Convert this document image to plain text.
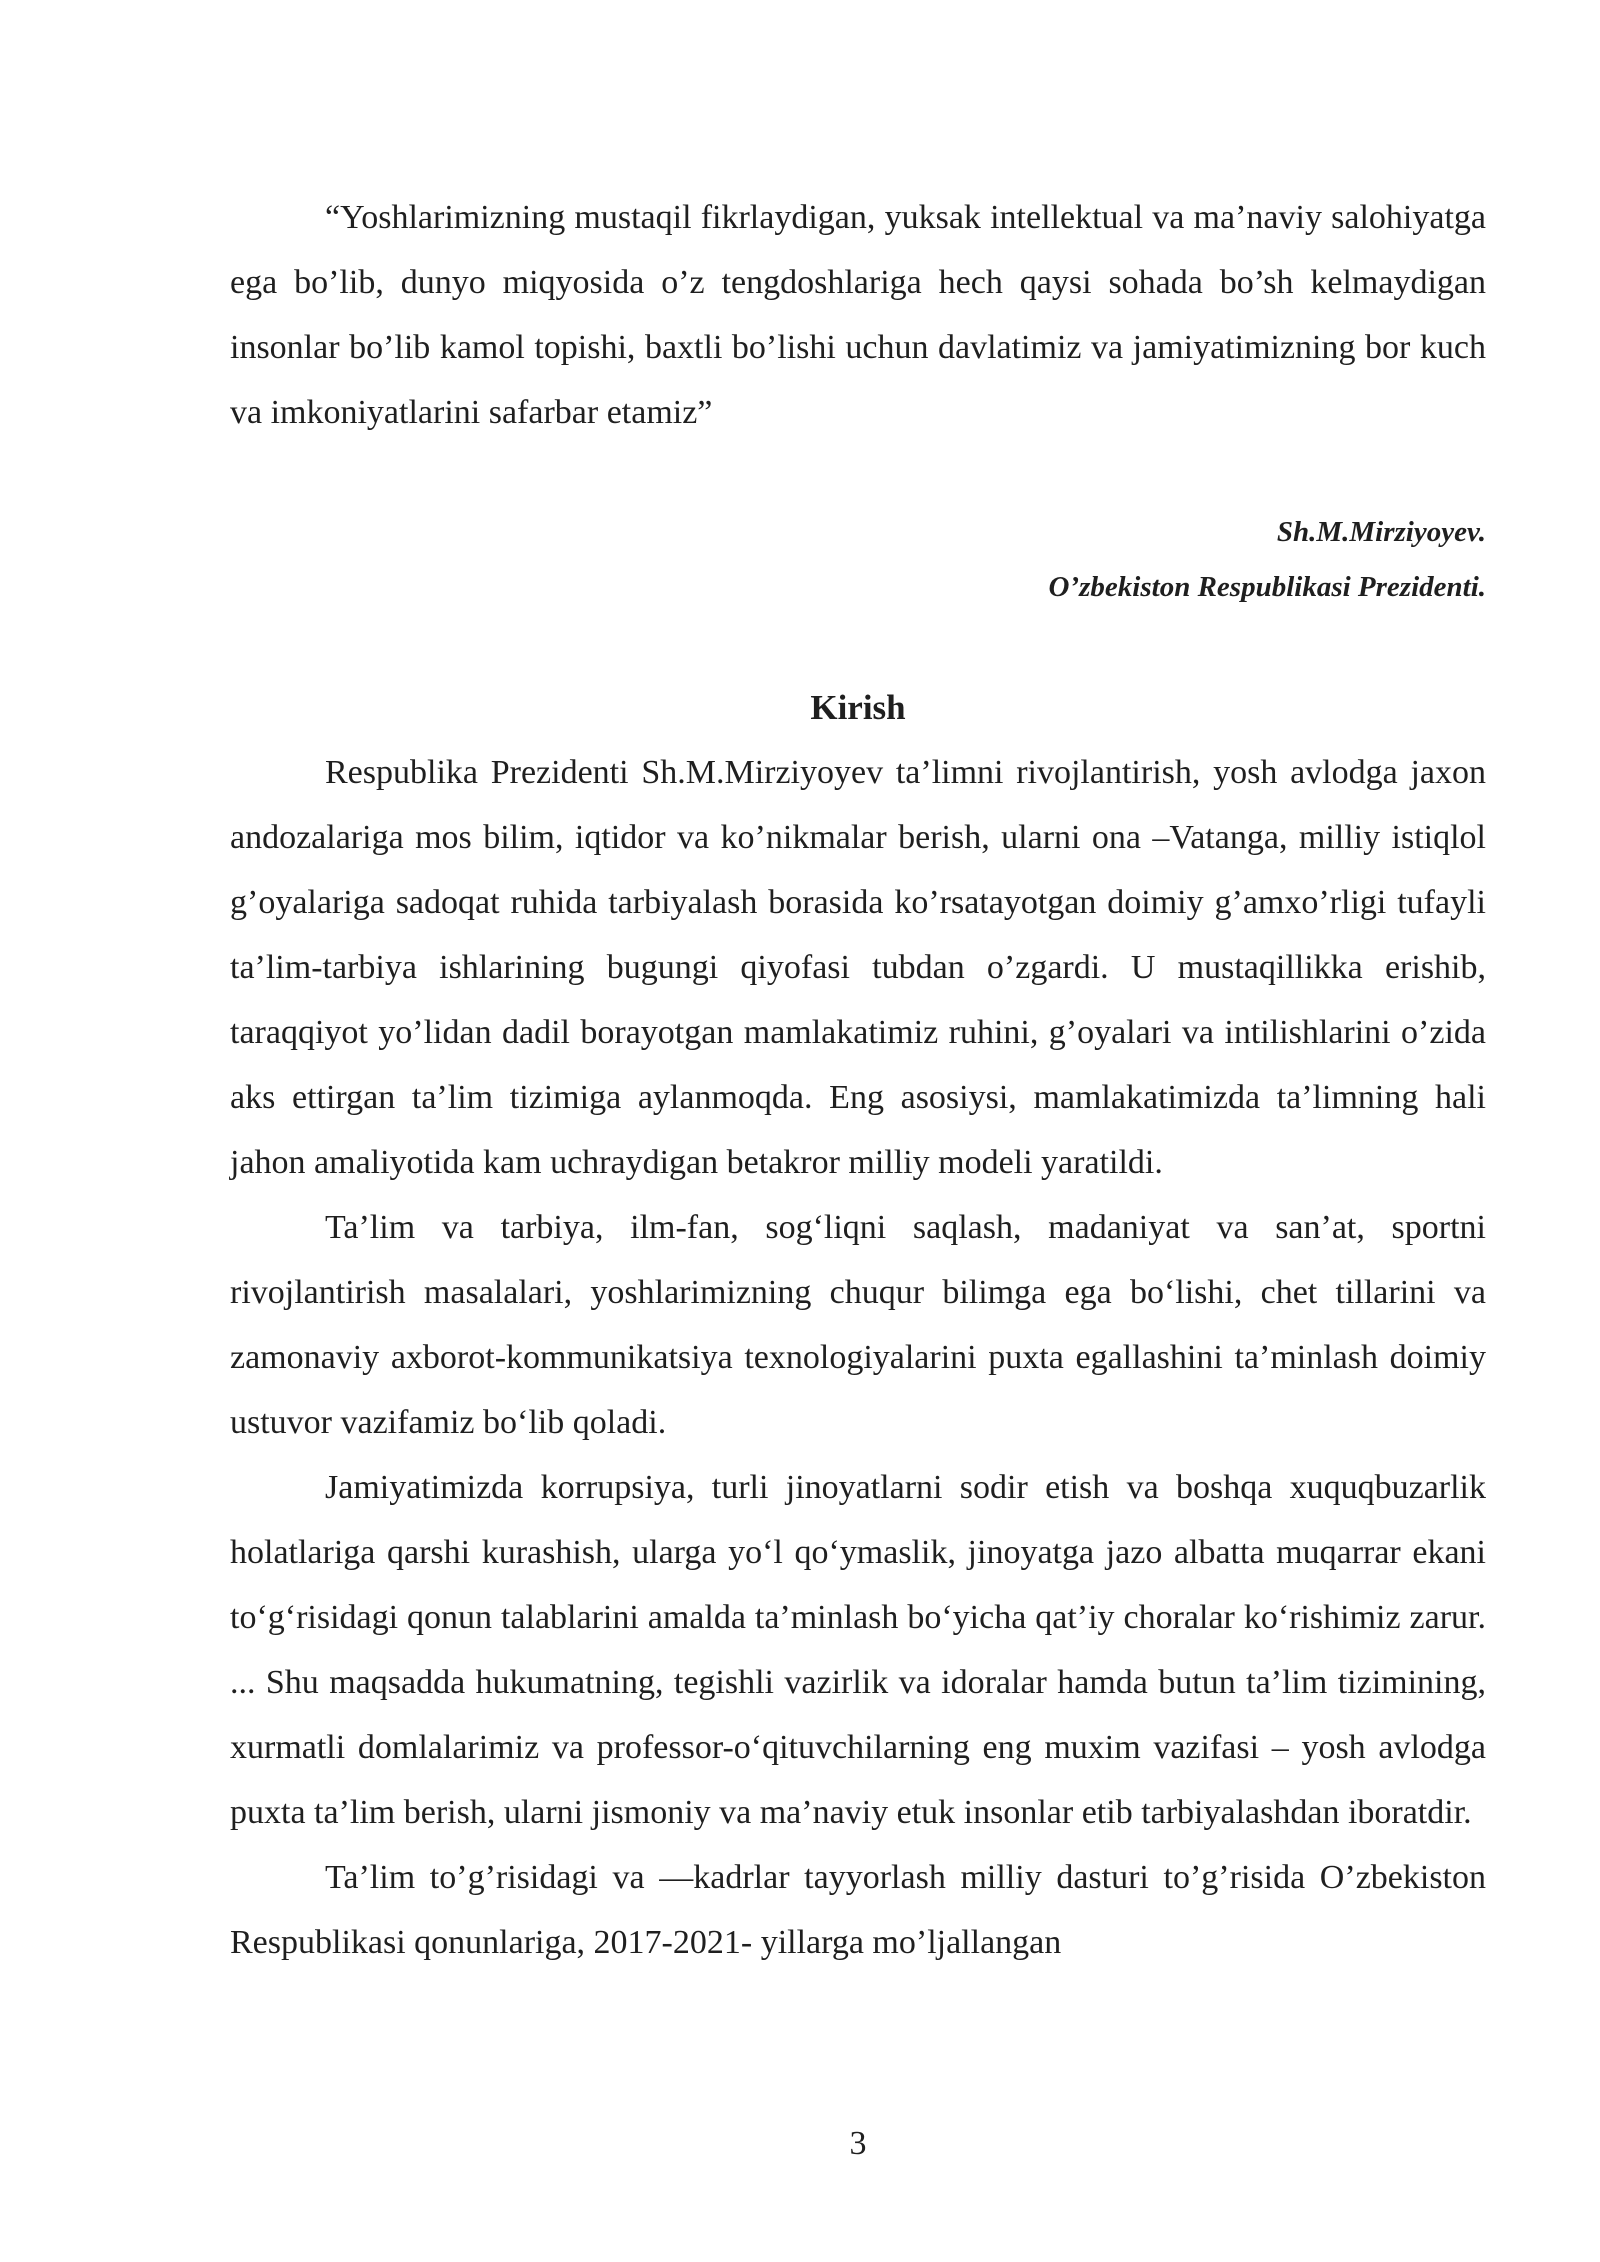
“Yoshlarimizning mustaqil fikrlaydigan, yuksak intellektual va ma’naviy salohiyatga ega bo’lib, dunyo miqyosida o’z tengdoshlariga hech qaysi sohada bo’sh kelmaydigan insonlar bo’lib kamol topishi, baxtli bo’lishi uchun davlatimiz va jamiyatimizning bor kuch va imkoniyatlarini safarbar etamiz”

Sh.M.Mirziyoyev.

O’zbekiston Respublikasi Prezidenti.

Kirish

Respublika Prezidenti Sh.M.Mirziyoyev ta’limni rivojlantirish, yosh avlodga jaxon andozalariga mos bilim, iqtidor va ko’nikmalar berish, ularni ona –Vatanga, milliy istiqlol g’oyalariga sadoqat ruhida tarbiyalash borasida ko’rsatayotgan doimiy g’amxo’rligi tufayli ta’lim-tarbiya ishlarining bugungi qiyofasi tubdan o’zgardi. U mustaqillikka erishib, taraqqiyot yo’lidan dadil borayotgan mamlakatimiz ruhini, g’oyalari va intilishlarini o’zida aks ettirgan ta’lim tizimiga aylanmoqda. Eng asosiysi, mamlakatimizda ta’limning hali jahon amaliyotida kam uchraydigan betakror milliy modeli yaratildi.

Ta’lim va tarbiya, ilm-fan, sog‘liqni saqlash, madaniyat va san’at, sportni rivojlantirish masalalari, yoshlarimizning chuqur bilimga ega bo‘lishi, chet tillarini va zamonaviy axborot-kommunikatsiya texnologiyalarini puxta egallashini ta’minlash doimiy ustuvor vazifamiz bo‘lib qoladi.

Jamiyatimizda korrupsiya, turli jinoyatlarni sodir etish va boshqa xuquqbuzarlik holatlariga qarshi kurashish, ularga yo‘l qo‘ymaslik, jinoyatga jazo albatta muqarrar ekani to‘g‘risidagi qonun talablarini amalda ta’minlash bo‘yicha qat’iy choralar ko‘rishimiz zarur. ... Shu maqsadda hukumatning, tegishli vazirlik va idoralar hamda butun ta’lim tizimining, xurmatli domlalarimiz va professor-o‘qituvchilarning eng muxim vazifasi – yosh avlodga puxta ta’lim berish, ularni jismoniy va ma’naviy etuk insonlar etib tarbiyalashdan iboratdir.

Ta’lim to’g’risidagi va ―kadrlar tayyorlash milliy dasturi to’g’risida O’zbekiston Respublikasi qonunlariga, 2017-2021- yillarga mo’ljallangan

3
